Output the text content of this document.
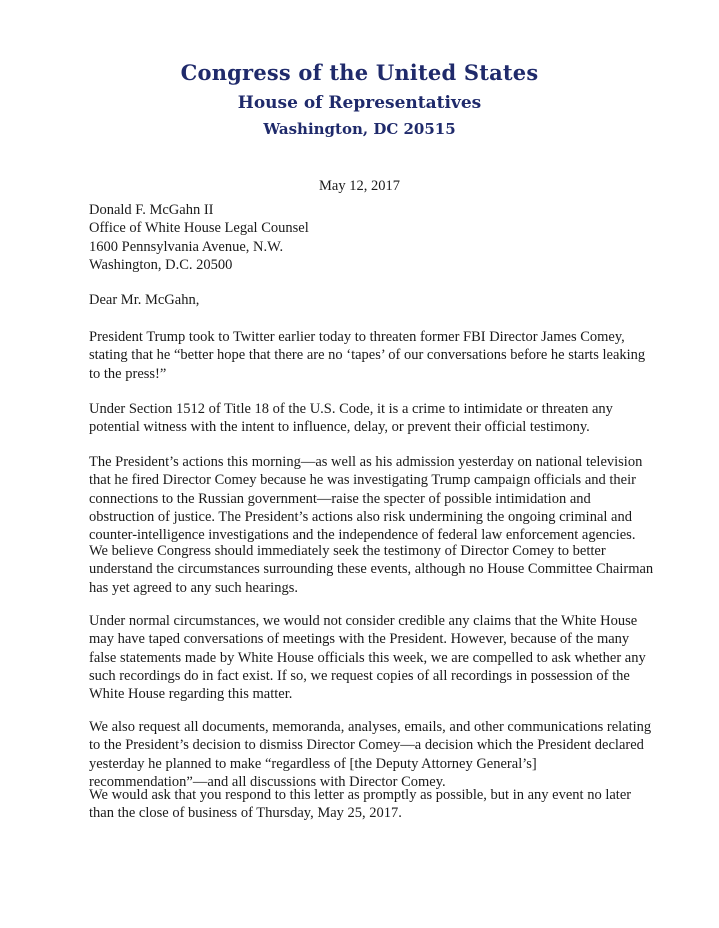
Congress of the United States
House of Representatives
Washington, DC 20515
May 12, 2017
Donald F. McGahn II
Office of White House Legal Counsel
1600 Pennsylvania Avenue, N.W.
Washington, D.C. 20500
Dear Mr. McGahn,
President Trump took to Twitter earlier today to threaten former FBI Director James Comey,
stating that he “better hope that there are no ‘tapes’ of our conversations before he starts leaking
to the press!”
Under Section 1512 of Title 18 of the U.S. Code, it is a crime to intimidate or threaten any
potential witness with the intent to influence, delay, or prevent their official testimony.
The President’s actions this morning—as well as his admission yesterday on national television
that he fired Director Comey because he was investigating Trump campaign officials and their
connections to the Russian government—raise the specter of possible intimidation and
obstruction of justice. The President’s actions also risk undermining the ongoing criminal and
counter-intelligence investigations and the independence of federal law enforcement agencies.
We believe Congress should immediately seek the testimony of Director Comey to better
understand the circumstances surrounding these events, although no House Committee Chairman
has yet agreed to any such hearings.
Under normal circumstances, we would not consider credible any claims that the White House
may have taped conversations of meetings with the President. However, because of the many
false statements made by White House officials this week, we are compelled to ask whether any
such recordings do in fact exist. If so, we request copies of all recordings in possession of the
White House regarding this matter.
We also request all documents, memoranda, analyses, emails, and other communications relating
to the President’s decision to dismiss Director Comey—a decision which the President declared
yesterday he planned to make “regardless of [the Deputy Attorney General’s]
recommendation”—and all discussions with Director Comey.
We would ask that you respond to this letter as promptly as possible, but in any event no later
than the close of business of Thursday, May 25, 2017.
